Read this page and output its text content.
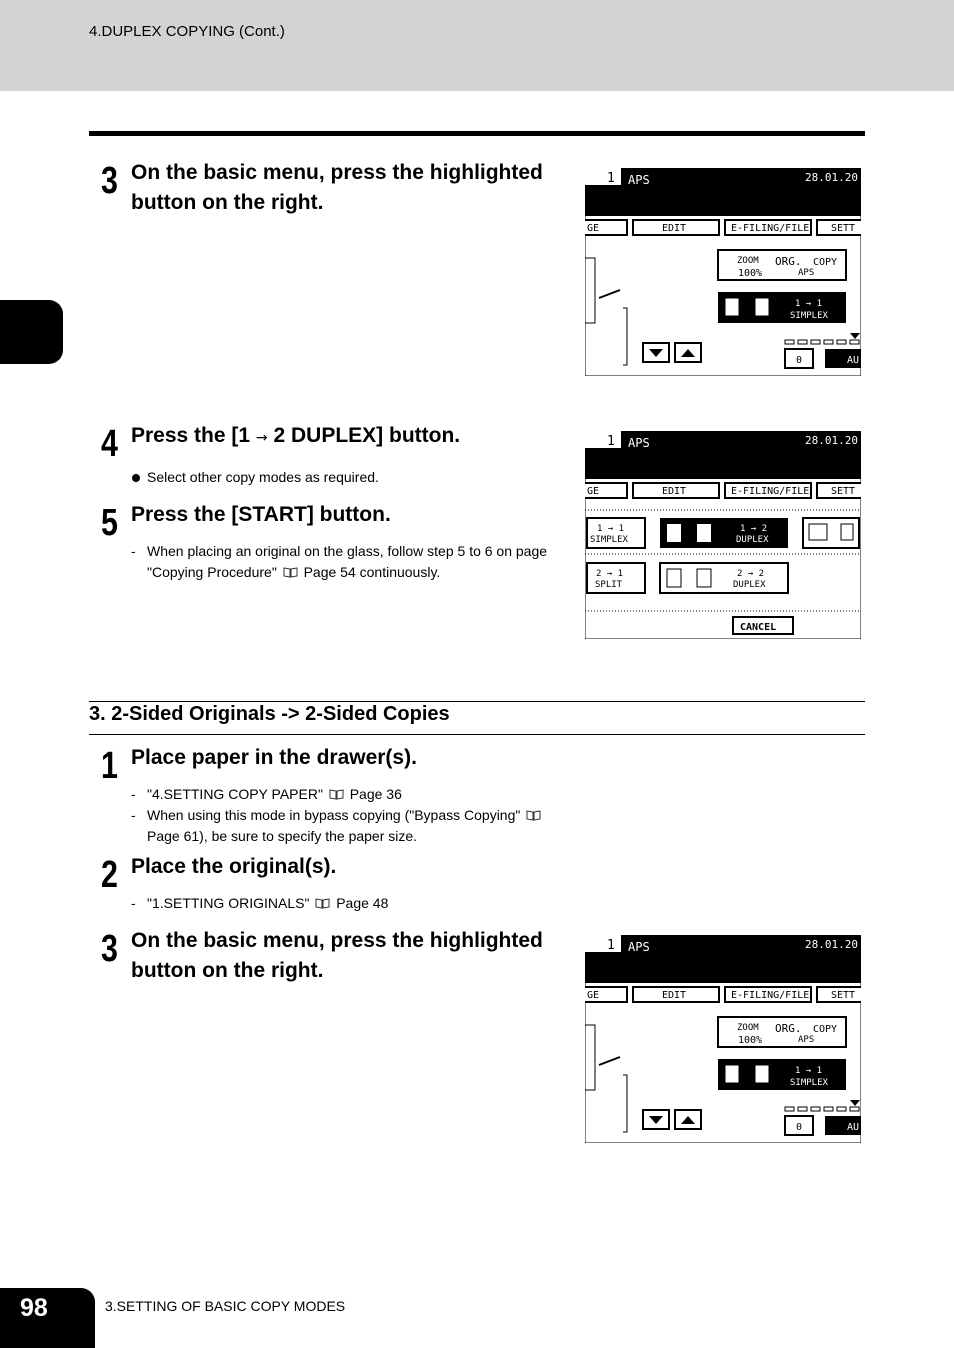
4.DUPLEX COPYING (Cont.)
3 On the basic menu, press the highlighted
button on the right.
1 APS	28.01.20
GE	EDIT	E-FILING/FILE SETT
ZOOM
100%
ORG. COPY
APS
1 → 1
SIMPLEX
0	AU
4 Press the [1 → 2 DUPLEX] button.
Select other copy modes as required.
1 APS	28.01.20
GE	EDIT	E-FILING/FILE SETT
1 → 1
SIMPLEX
1 → 2
DUPLEX
2 → 1
SPLIT
2 → 2
DUPLEX
CANCEL
5 Press the [START] button.
- When placing an original on the glass, follow step 5 to 6 on page
"Copying Procedure"  Page 54 continuously.
3. 2-Sided Originals -> 2-Sided Copies
1 Place paper in the drawer(s).
- "4.SETTING COPY PAPER"  Page 36
- When using this mode in bypass copying ("Bypass Copying"
Page 61), be sure to specify the paper size.
2 Place the original(s).
- "1.SETTING ORIGINALS"  Page 48
3 On the basic menu, press the highlighted
button on the right.
1 APS	28.01.20
GE	EDIT	E-FILING/FILE SETT
ZOOM
100%
ORG. COPY
APS
1 → 1
SIMPLEX
0	AU
98	3.SETTING OF BASIC COPY MODES
